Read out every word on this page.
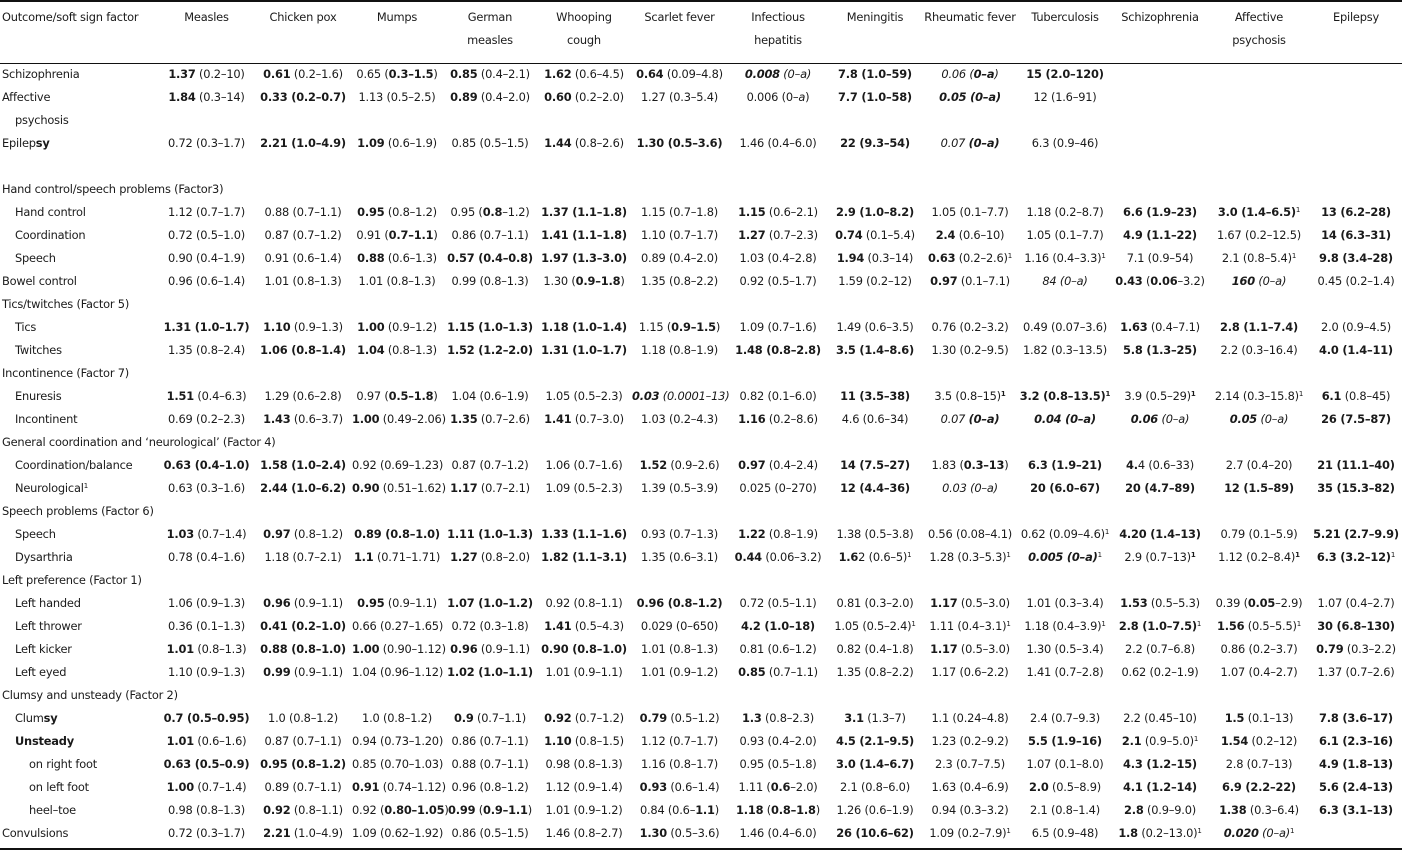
Outcome/soft sign factor	Measles	Chicken pox	Mumps	German measles	Whooping cough	Scarlet fever	Infectious hepatitis	Meningitis	Rheumatic fever	Tuberculosis	Schizophrenia	Affective psychosis	Epilepsy
Schizophrenia	1.37 (0.2–10)	0.61 (0.2–1.6)	0.65 (0.3–1.5)	0.85 (0.4–2.1)	1.62 (0.6–4.5)	0.64 (0.09–4.8)	0.008 (0–a)	7.8 (1.0–59)	0.06 (0–a)	15 (2.0–120)			
Affective	1.84 (0.3–14)	0.33 (0.2–0.7)	1.13 (0.5–2.5)	0.89 (0.4–2.0)	0.60 (0.2–2.0)	1.27 (0.3–5.4)	0.006 (0–a)	7.7 (1.0–58)	0.05 (0–a)	12 (1.6–91)			
psychosis													
Epilepsy	0.72 (0.3–1.7)	2.21 (1.0–4.9)	1.09 (0.6–1.9)	0.85 (0.5–1.5)	1.44 (0.8–2.6)	1.30 (0.5–3.6)	1.46 (0.4–6.0)	22 (9.3–54)	0.07 (0–a)	6.3 (0.9–46)			

Hand control/speech problems (Factor3)													
Hand control	1.12 (0.7–1.7)	0.88 (0.7–1.1)	0.95 (0.8–1.2)	0.95 (0.8–1.2)	1.37 (1.1–1.8)	1.15 (0.7–1.8)	1.15 (0.6–2.1)	2.9 (1.0–8.2)	1.05 (0.1–7.7)	1.18 (0.2–8.7)	6.6 (1.9–23)	3.0 $(1.4-6.5)^1$	13 (6.2–28)
Coordination	0.72 (0.5–1.0)	0.87 (0.7–1.2)	0.91 (0.7–1.1)	0.86 (0.7–1.1)	1.41 (1.1–1.8)	1.10 (0.7–1.7)	1.27 (0.7–2.3)	0.74 (0.1–5.4)	2.4 (0.6–10)	1.05 (0.1–7.7)	4.9 (1.1–22)	1.67 (0.2–12.5)	14 (6.3–31)
Speech	0.90 (0.4–1.9)	0.91 (0.6–1.4)	0.88 (0.6–1.3)	0.57 (0.4–0.8)	1.97 (1.3–3.0)	0.89 (0.4–2.0)	1.03 (0.4–2.8)	1.94 (0.3–14)	0.63 $(0.2-2.6)^1$	1.16 $(0.4-3.3)^1$	7.1 (0.9–54)	2.1 $(0.8-5.4)^1$	9.8 (3.4–28)
Bowel control	0.96 (0.6–1.4)	1.01 (0.8–1.3)	1.01 (0.8–1.3)	0.99 (0.8–1.3)	1.30 (0.9–1.8)	1.35 (0.8–2.2)	0.92 (0.5–1.7)	1.59 (0.2–12)	0.97 (0.1–7.1)	84 (0–a)	0.43 (0.06–3.2)	160 (0–a)	0.45 (0.2–1.4)
Tics/twitches (Factor 5)													
Tics	1.31 (1.0–1.7)	1.10 (0.9–1.3)	1.00 (0.9–1.2)	1.15 (1.0–1.3)	1.18 (1.0–1.4)	1.15 (0.9–1.5)	1.09 (0.7–1.6)	1.49 (0.6–3.5)	0.76 (0.2–3.2)	0.49 (0.07–3.6)	1.63 (0.4–7.1)	2.8 (1.1–7.4)	2.0 (0.9–4.5)
Twitches	1.35 (0.8–2.4)	1.06 (0.8–1.4)	1.04 (0.8–1.3)	1.52 (1.2–2.0)	1.31 (1.0–1.7)	1.18 (0.8–1.9)	1.48 (0.8–2.8)	3.5 (1.4–8.6)	1.30 (0.2–9.5)	1.82 (0.3–13.5)	5.8 (1.3–25)	2.2 (0.3–16.4)	4.0 (1.4–11)
Incontinence (Factor 7)													
Enuresis	1.51 (0.4–6.3)	1.29 (0.6–2.8)	0.97 (0.5–1.8)	1.04 (0.6–1.9)	1.05 (0.5–2.3)	0.03 (0.0001–13)	0.82 (0.1–6.0)	11 (3.5–38)	3.5 $(0.8-15)^1$	3.2 $(0.8-13.5)^1$	3.9 $(0.5-29)^1$	2.14 $(0.3-15.8)^1$	6.1 (0.8–45)
Incontinent	0.69 (0.2–2.3)	1.43 (0.6–3.7)	1.00 (0.49–2.06)	1.35 (0.7–2.6)	1.41 (0.7–3.0)	1.03 (0.2–4.3)	1.16 (0.2–8.6)	4.6 (0.6–34)	0.07 (0–a)	0.04 (0–a)	0.06 (0–a)	0.05 (0–a)	26 (7.5–87)
General coordination and ‘neurological’ (Factor 4)													
Coordination/balance	0.63 (0.4–1.0)	1.58 (1.0–2.4)	0.92 (0.69–1.23)	0.87 (0.7–1.2)	1.06 (0.7–1.6)	1.52 (0.9–2.6)	0.97 (0.4–2.4)	14 (7.5–27)	1.83 (0.3–13)	6.3 (1.9–21)	4.4 (0.6–33)	2.7 (0.4–20)	21 (11.1–40)
Neurological$^1$	0.63 (0.3–1.6)	2.44 (1.0–6.2)	0.90 (0.51–1.62)	1.17 (0.7–2.1)	1.09 (0.5–2.3)	1.39 (0.5–3.9)	0.025 (0–270)	12 (4.4–36)	0.03 (0–a)	20 (6.0–67)	20 (4.7–89)	12 (1.5–89)	35 (15.3–82)
Speech problems (Factor 6)													
Speech	1.03 (0.7–1.4)	0.97 (0.8–1.2)	0.89 (0.8–1.0)	1.11 (1.0–1.3)	1.33 (1.1–1.6)	0.93 (0.7–1.3)	1.22 (0.8–1.9)	1.38 (0.5–3.8)	0.56 (0.08–4.1)	0.62 $(0.09-4.6)^1$	4.20 (1.4–13)	0.79 (0.1–5.9)	5.21 (2.7–9.9)
Dysarthria	0.78 (0.4–1.6)	1.18 (0.7–2.1)	1.1 (0.71–1.71)	1.27 (0.8–2.0)	1.82 (1.1–3.1)	1.35 (0.6–3.1)	0.44 (0.06–3.2)	1.62 $(0.6-5)^1$	1.28 $(0.3-5.3)^1$	0.005 $(0-a)^1$	2.9 $(0.7-13)^1$	1.12 $(0.2-8.4)^1$	6.3 $(3.2-12)^1$
Left preference (Factor 1)													
Left handed	1.06 (0.9–1.3)	0.96 (0.9–1.1)	0.95 (0.9–1.1)	1.07 (1.0–1.2)	0.92 (0.8–1.1)	0.96 (0.8–1.2)	0.72 (0.5–1.1)	0.81 (0.3–2.0)	1.17 (0.5–3.0)	1.01 (0.3–3.4)	1.53 (0.5–5.3)	0.39 (0.05–2.9)	1.07 (0.4–2.7)
Left thrower	0.36 (0.1–1.3)	0.41 (0.2–1.0)	0.66 (0.27–1.65)	0.72 (0.3–1.8)	1.41 (0.5–4.3)	0.029 (0–650)	4.2 (1.0–18)	1.05 $(0.5-2.4)^1$	1.11 $(0.4-3.1)^1$	1.18 $(0.4-3.9)^1$	2.8 $(1.0-7.5)^1$	1.56 $(0.5-5.5)^1$	30 (6.8–130)
Left kicker	1.01 (0.8–1.3)	0.88 (0.8–1.0)	1.00 (0.90–1.12)	0.96 (0.9–1.1)	0.90 (0.8–1.0)	1.01 (0.8–1.3)	0.81 (0.6–1.2)	0.82 (0.4–1.8)	1.17 (0.5–3.0)	1.30 (0.5–3.4)	2.2 (0.7–6.8)	0.86 (0.2–3.7)	0.79 (0.3–2.2)
Left eyed	1.10 (0.9–1.3)	0.99 (0.9–1.1)	1.04 (0.96–1.12)	1.02 (1.0–1.1)	1.01 (0.9–1.1)	1.01 (0.9–1.2)	0.85 (0.7–1.1)	1.35 (0.8–2.2)	1.17 (0.6–2.2)	1.41 (0.7–2.8)	0.62 (0.2–1.9)	1.07 (0.4–2.7)	1.37 (0.7–2.6)
Clumsy and unsteady (Factor 2)													
Clumsy	0.7 (0.5–0.95)	1.0 (0.8–1.2)	1.0 (0.8–1.2)	0.9 (0.7–1.1)	0.92 (0.7–1.2)	0.79 (0.5–1.2)	1.3 (0.8–2.3)	3.1 (1.3–7)	1.1 (0.24–4.8)	2.4 (0.7–9.3)	2.2 (0.45–10)	1.5 (0.1–13)	7.8 (3.6–17)
Unsteady	1.01 (0.6–1.6)	0.87 (0.7–1.1)	0.94 (0.73–1.20)	0.86 (0.7–1.1)	1.10 (0.8–1.5)	1.12 (0.7–1.7)	0.93 (0.4–2.0)	4.5 (2.1–9.5)	1.23 (0.2–9.2)	5.5 (1.9–16)	2.1 $(0.9-5.0)^1$	1.54 (0.2–12)	6.1 (2.3–16)
on right foot	0.63 (0.5–0.9)	0.95 (0.8–1.2)	0.85 (0.70–1.03)	0.88 (0.7–1.1)	0.98 (0.8–1.3)	1.16 (0.8–1.7)	0.95 (0.5–1.8)	3.0 (1.4–6.7)	2.3 (0.7–7.5)	1.07 (0.1–8.0)	4.3 (1.2–15)	2.8 (0.7–13)	4.9 (1.8–13)
on left foot	1.00 (0.7–1.4)	0.89 (0.7–1.1)	0.91 (0.74–1.12)	0.96 (0.8–1.2)	1.12 (0.9–1.4)	0.93 (0.6–1.4)	1.11 (0.6–2.0)	2.1 (0.8–6.0)	1.63 (0.4–6.9)	2.0 (0.5–8.9)	4.1 (1.2–14)	6.9 (2.2–22)	5.6 (2.4–13)
heel–toe	0.98 (0.8–1.3)	0.92 (0.8–1.1)	0.92 (0.80–1.05)	0.99 (0.9–1.1)	1.01 (0.9–1.2)	0.84 (0.6–1.1)	1.18 (0.8–1.8)	1.26 (0.6–1.9)	0.94 (0.3–3.2)	2.1 (0.8–1.4)	2.8 (0.9–9.0)	1.38 (0.3–6.4)	6.3 (3.1–13)
Convulsions	0.72 (0.3–1.7)	2.21 (1.0–4.9)	1.09 (0.62–1.92)	0.86 (0.5–1.5)	1.46 (0.8–2.7)	1.30 (0.5–3.6)	1.46 (0.4–6.0)	26 (10.6–62)	1.09 $(0.2-7.9)^1$	6.5 (0.9–48)	1.8 $(0.2-13.0)^1$	0.020 $(0-a)^1$	
